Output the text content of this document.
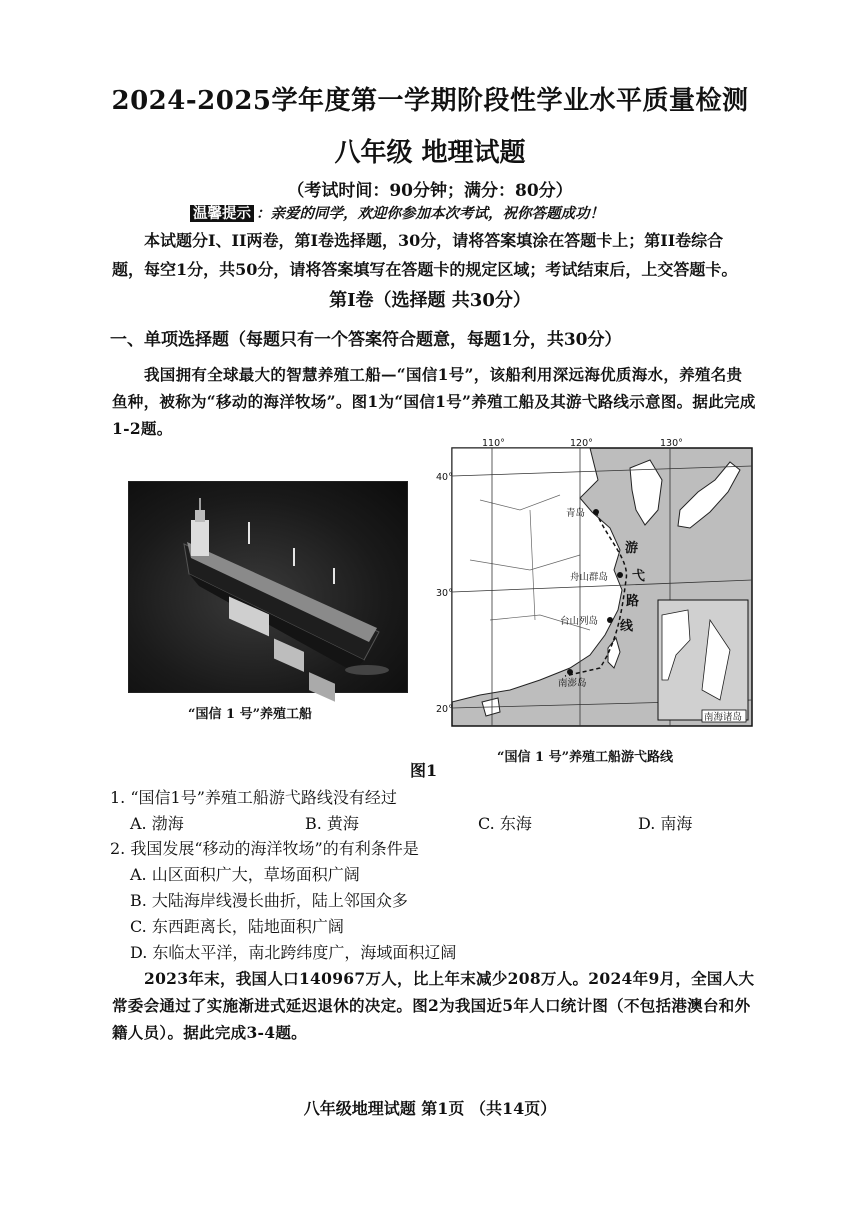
2024-2025学年度第一学期阶段性学业水平质量检测
八年级 地理试题
（考试时间：90分钟；满分：80分）
温馨提示 ：亲爱的同学，欢迎你参加本次考试，祝你答题成功！
本试题分I、II两卷，第I卷选择题，30分，请将答案填涂在答题卡上；第II卷综合题，每空1分，共50分，请将答案填写在答题卡的规定区域；考试结束后，上交答题卡。
第Ⅰ卷（选择题 共30分）
一、单项选择题（每题只有一个答案符合题意，每题1分，共30分）
我国拥有全球最大的智慧养殖工船—“国信1号”，该船利用深远海优质海水，养殖名贵鱼种，被称为“移动的海洋牧场”。图1为“国信1号”养殖工船及其游弋路线示意图。据此完成1-2题。
“国信 1 号”养殖工船
110°	120°	130°
40°
30°
20°
青岛
舟山群岛
台山列岛
南澎岛
南海诸岛
游
弋
路
线
“国信 1 号”养殖工船游弋路线
图1
1. “国信1号”养殖工船游弋路线没有经过
A. 渤海	B. 黄海	C. 东海	D. 南海
2. 我国发展“移动的海洋牧场”的有利条件是
A. 山区面积广大，草场面积广阔
B. 大陆海岸线漫长曲折，陆上邻国众多
C. 东西距离长，陆地面积广阔
D. 东临太平洋，南北跨纬度广，海域面积辽阔
2023年末，我国人口140967万人，比上年末减少208万人。2024年9月，全国人大常委会通过了实施渐进式延迟退休的决定。图2为我国近5年人口统计图（不包括港澳台和外籍人员）。据此完成3-4题。
八年级地理试题 第1页 （共14页）
